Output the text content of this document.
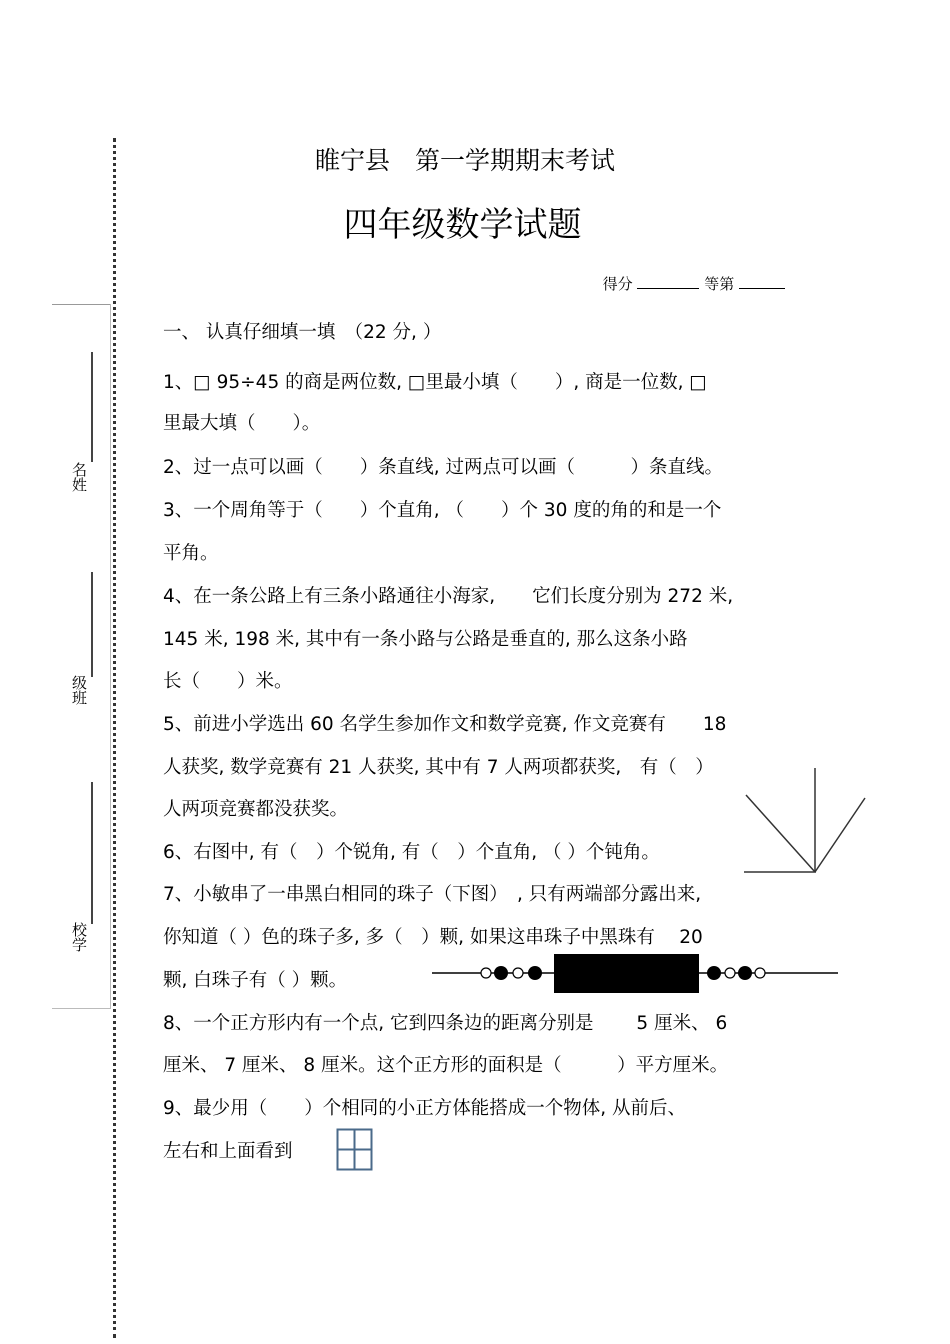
名姓
级班
校学
睢宁县　第一学期期末考试
四年级数学试题
得分	等第
一、 认真仔细填一填　（22 分, ）
1、□ 95÷45 的商是两位数, □里最小填（　　）, 商是一位数, □
里最大填（　　）。
2、过一点可以画（　　）条直线, 过两点可以画（　　　）条直线。
3、一个周角等于（　　）个直角, （　　）个 30 度的角的和是一个
平角。
4、在一条公路上有三条小路通往小海家,　　它们长度分别为 272 米,
145 米, 198 米, 其中有一条小路与公路是垂直的, 那么这条小路
长（　　）米。
5、前进小学选出 60 名学生参加作文和数学竞赛, 作文竞赛有　　18
人获奖, 数学竞赛有 21 人获奖, 其中有 7 人两项都获奖,　有（　）
人两项竞赛都没获奖。
6、右图中, 有（　）个锐角, 有（　）个直角, （ ）个钝角。
7、小敏串了一串黑白相同的珠子（下图）　, 只有两端部分露出来,
你知道（ ）色的珠子多, 多（　）颗, 如果这串珠子中黑珠有　 20
颗, 白珠子有（ ）颗。
8、一个正方形内有一个点, 它到四条边的距离分别是　　 5 厘米、 6
厘米、 7 厘米、 8 厘米。这个正方形的面积是（　　　）平方厘米。
9、最少用（　　）个相同的小正方体能搭成一个物体, 从前后、
左右和上面看到
